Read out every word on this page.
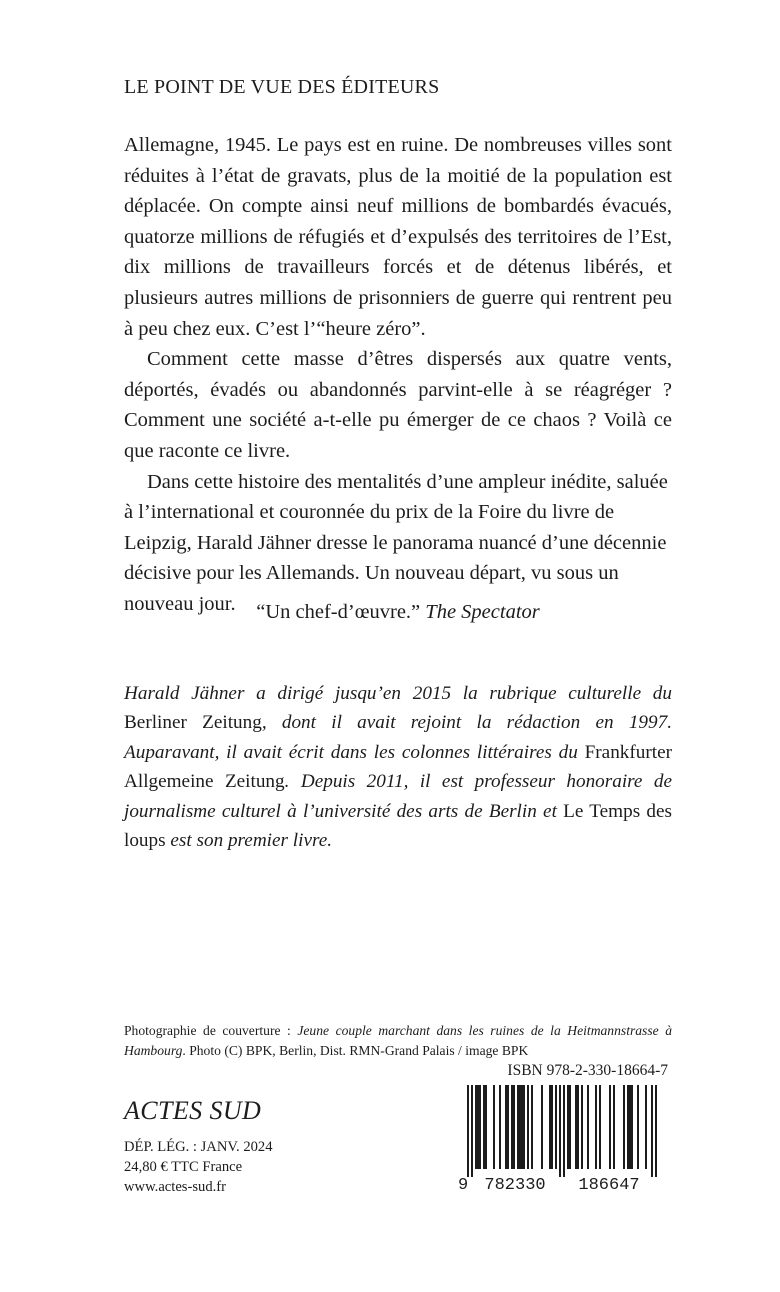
LE POINT DE VUE DES ÉDITEURS

Allemagne, 1945. Le pays est en ruine. De nombreuses villes sont réduites à l’état de gravats, plus de la moitié de la population est déplacée. On compte ainsi neuf millions de bombardés évacués, quatorze millions de réfugiés et d’expulsés des territoires de l’Est, dix millions de travailleurs forcés et de détenus libérés, et plusieurs autres millions de prisonniers de guerre qui rentrent peu à peu chez eux. C’est l’“heure zéro”.

Comment cette masse d’êtres dispersés aux quatre vents, déportés, évadés ou abandonnés parvint-elle à se réagréger ? Comment une société a-t-elle pu émerger de ce chaos ? Voilà ce que raconte ce livre.

Dans cette histoire des mentalités d’une ampleur inédite, saluée à l’international et couronnée du prix de la Foire du livre de Leipzig, Harald Jähner dresse le panorama nuancé d’une décennie décisive pour les Allemands. Un nouveau départ, vu sous un nouveau jour.	“Un chef-d’œuvre.” The Spectator
Harald Jähner a dirigé jusqu’en 2015 la rubrique culturelle du Berliner Zeitung, dont il avait rejoint la rédaction en 1997. Auparavant, il avait écrit dans les colonnes littéraires du Frankfurter Allgemeine Zeitung. Depuis 2011, il est professeur honoraire de journalisme culturel à l’université des arts de Berlin et Le Temps des loups est son premier livre.
Photographie de couverture : Jeune couple marchant dans les ruines de la Heitmannstrasse à Hambourg. Photo (C) BPK, Berlin, Dist. RMN-Grand Palais / image BPK
ACTES SUD
DÉP. LÉG. : JANV. 2024
24,80 € TTC France
www.actes-sud.fr
ISBN 978-2-330-18664-7
9 782330 186647
